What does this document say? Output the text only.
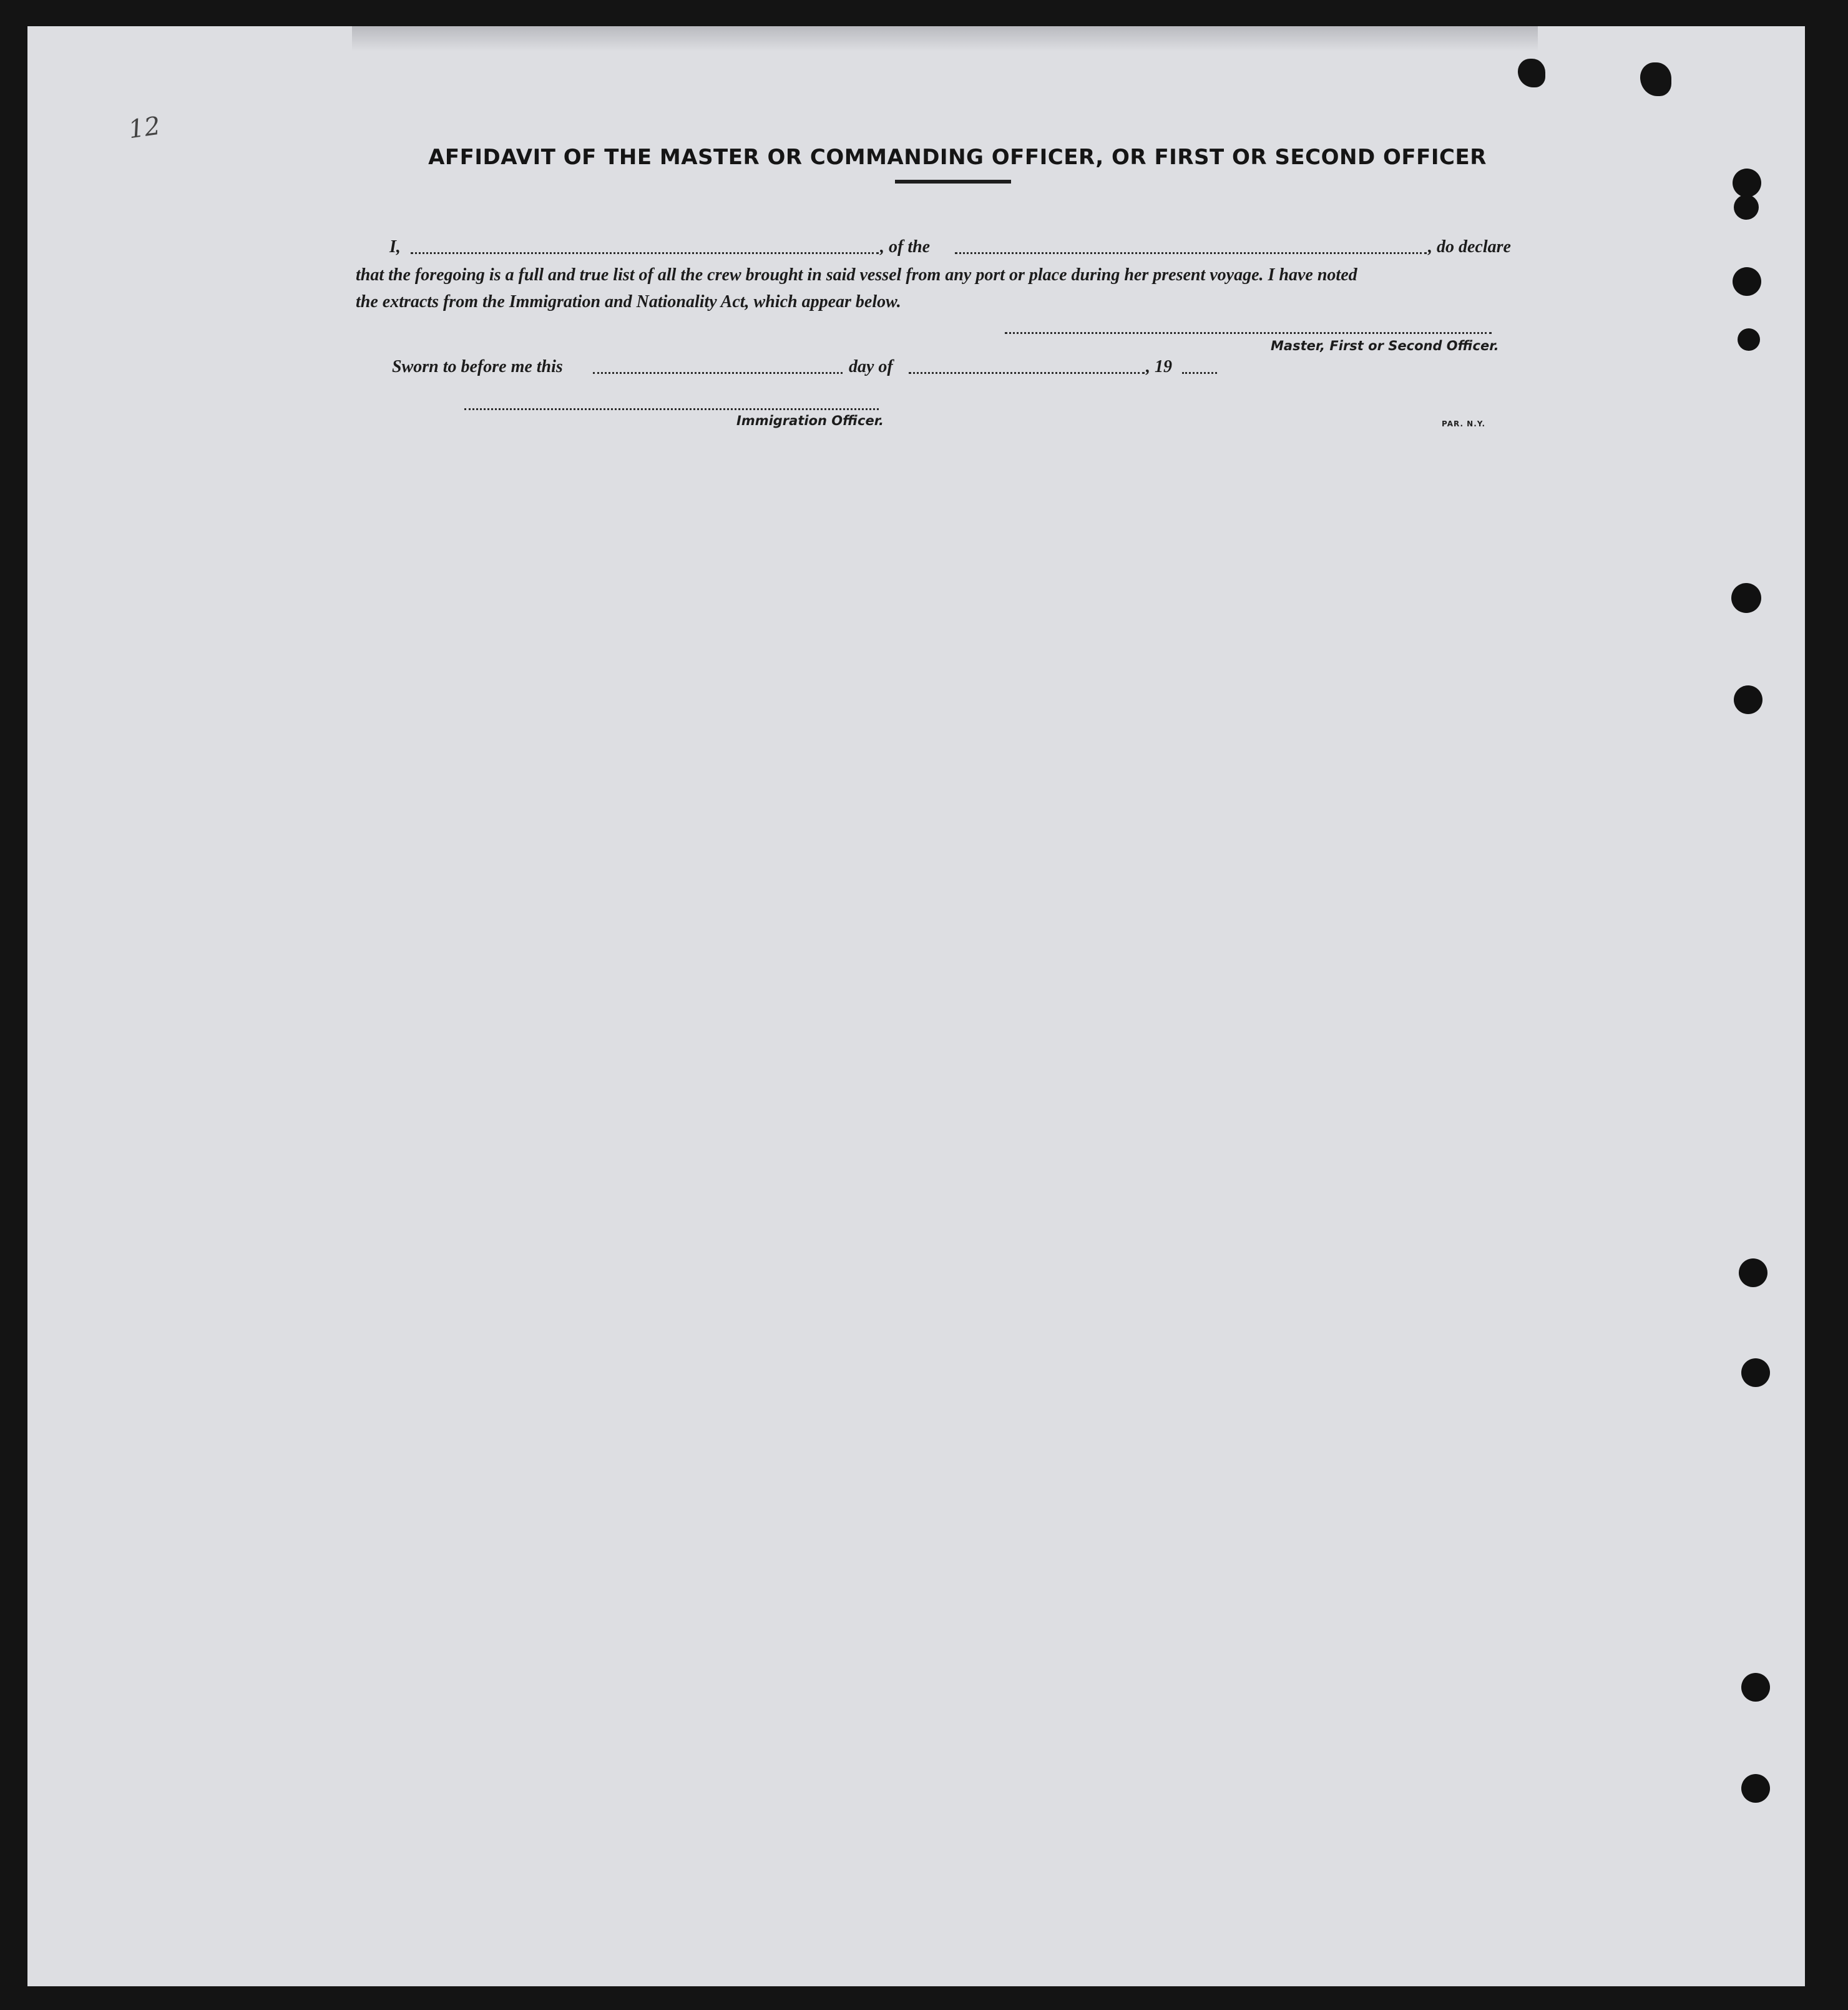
12
AFFIDAVIT OF THE MASTER OR COMMANDING OFFICER, OR FIRST OR SECOND OFFICER
I,	, of the	, do declare
that the foregoing is a full and true list of all the crew brought in said vessel from any port or place during her present voyage. I have noted
the extracts from the Immigration and Nationality Act, which appear below.
Master, First or Second Officer.
Sworn to before me this	day of	, 19
Immigration Officer.	PAR. N.Y.
